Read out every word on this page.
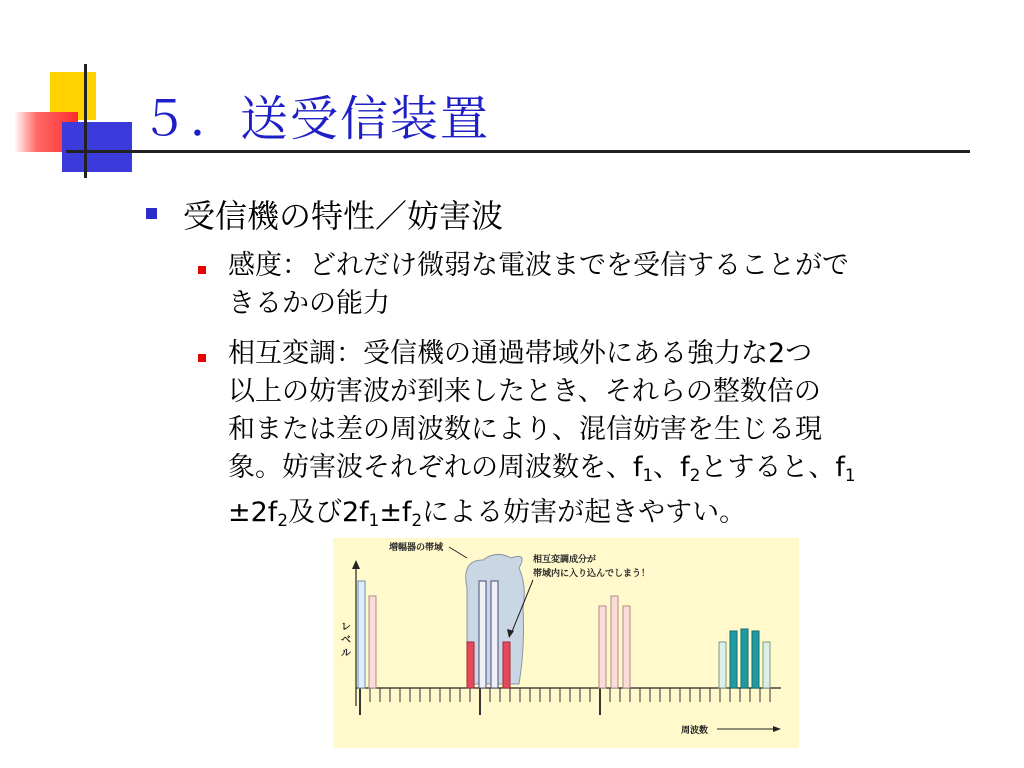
５．送受信装置
受信機の特性／妨害波
感度：どれだけ微弱な電波までを受信することがで
きるかの能力
相互変調：受信機の通過帯域外にある強力な2つ
以上の妨害波が到来したとき、それらの整数倍の
和または差の周波数により、混信妨害を生じる現
象。妨害波それぞれの周波数を、f1、f2とすると、f1
±2f2及び2f1±f2による妨害が起きやすい。
増幅器の帯域
相互変調成分が
帯域内に入り込んでしまう！
レ
ベ
ル
周波数
